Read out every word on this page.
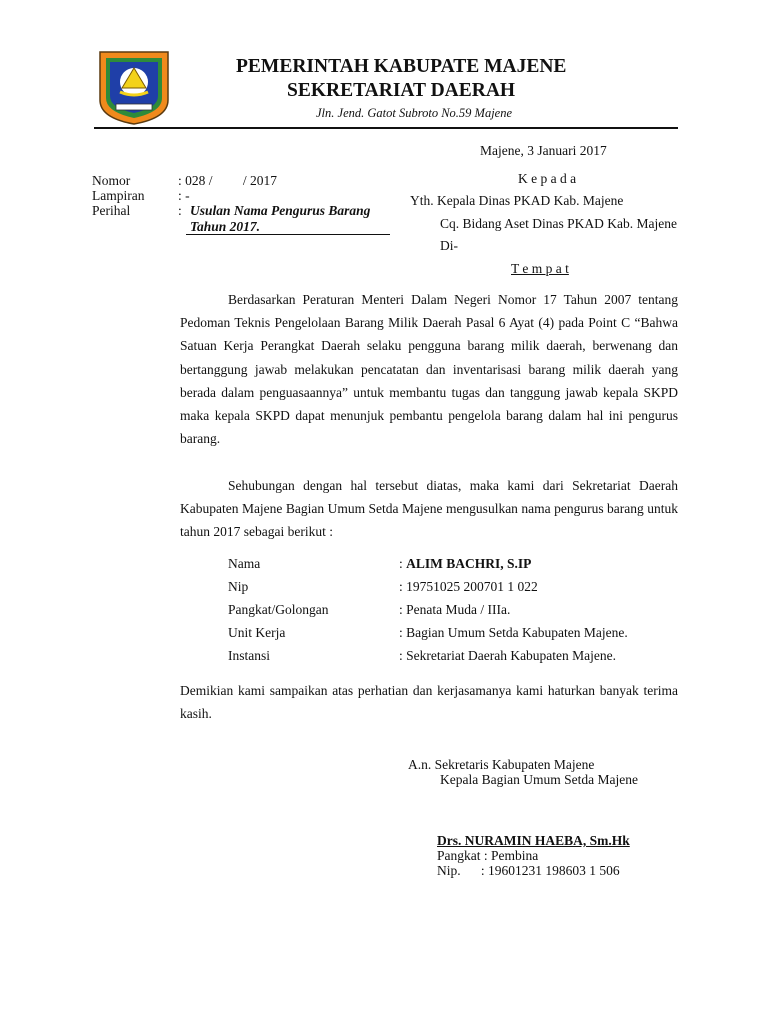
PEMERINTAH KABUPATE MAJENE
SEKRETARIAT DAERAH
Jln. Jend. Gatot Subroto No.59 Majene
Majene, 3 Januari 2017
Nomor	: 028 /         / 2017
Lampiran : -
Perihal	: Usulan Nama Pengurus Barang
Tahun 2017.
K e p a d a
Yth. Kepala Dinas PKAD Kab. Majene
Cq. Bidang Aset Dinas PKAD Kab. Majene
Di-
T e m p a t
Berdasarkan Peraturan Menteri Dalam Negeri Nomor 17 Tahun 2007 tentang Pedoman Teknis Pengelolaan Barang Milik Daerah Pasal 6 Ayat (4) pada Point C “Bahwa Satuan Kerja Perangkat Daerah selaku pengguna barang milik daerah, berwenang dan bertanggung jawab melakukan pencatatan dan inventarisasi barang milik daerah yang berada dalam penguasaannya” untuk membantu tugas dan tanggung jawab kepala SKPD maka kepala SKPD dapat menunjuk pembantu pengelola barang dalam hal ini pengurus barang.
Sehubungan dengan hal tersebut diatas, maka kami dari Sekretariat Daerah Kabupaten Majene Bagian Umum Setda Majene mengusulkan nama pengurus barang untuk tahun 2017 sebagai berikut :
Nama	: ALIM BACHRI, S.IP
Nip	: 19751025 200701 1 022
Pangkat/Golongan	: Penata Muda / IIIa.
Unit Kerja	: Bagian Umum Setda Kabupaten Majene.
Instansi	: Sekretariat Daerah Kabupaten Majene.
Demikian kami sampaikan atas perhatian dan kerjasamanya kami haturkan banyak terima kasih.
A.n. Sekretaris Kabupaten Majene
Kepala Bagian Umum Setda Majene
Drs. NURAMIN HAEBA, Sm.Hk
Pangkat : Pembina
Nip.      : 19601231 198603 1 506
